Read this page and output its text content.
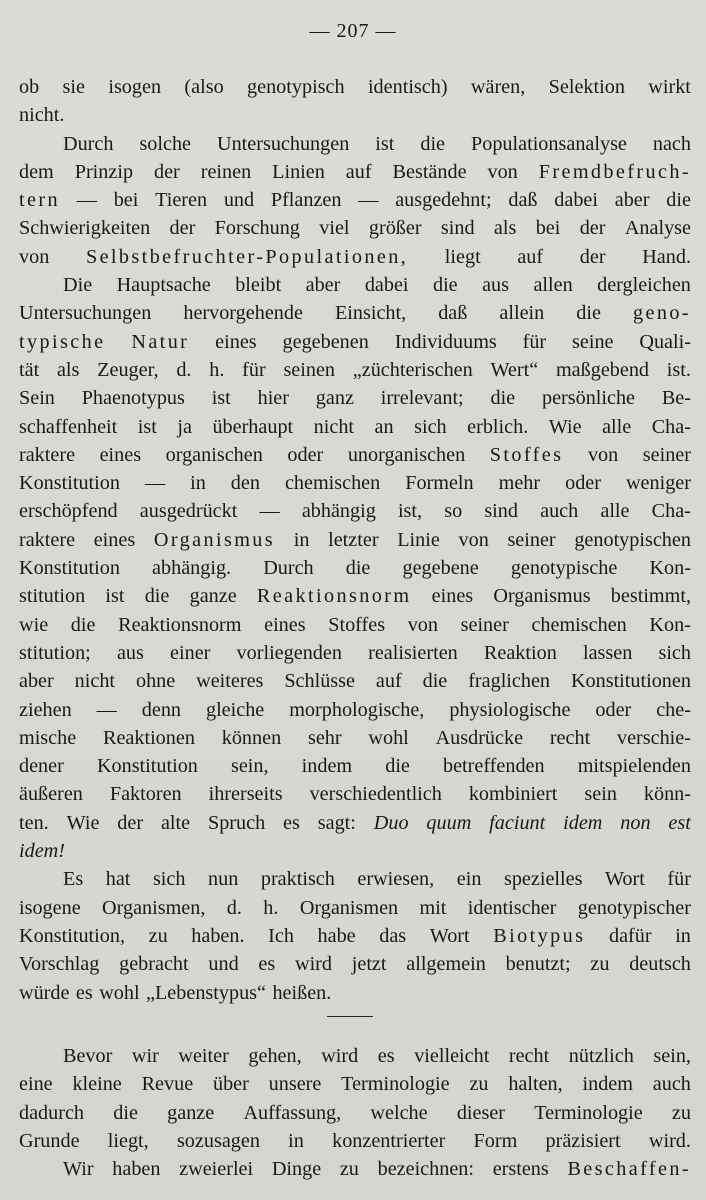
— 207 —
ob sie isogen (also genotypisch identisch) wären, Selektion wirkt
nicht.
Durch solche Untersuchungen ist die Populationsanalyse nach
dem Prinzip der reinen Linien auf Bestände von Fremdbefruch-
tern — bei Tieren und Pflanzen — ausgedehnt; daß dabei aber die
Schwierigkeiten der Forschung viel größer sind als bei der Analyse
von Selbstbefruchter-Populationen, liegt auf der Hand.
Die Hauptsache bleibt aber dabei die aus allen dergleichen
Untersuchungen hervorgehende Einsicht, daß allein die geno-
typische Natur eines gegebenen Individuums für seine Quali-
tät als Zeuger, d. h. für seinen „züchterischen Wert“ maßgebend ist.
Sein Phaenotypus ist hier ganz irrelevant; die persönliche Be-
schaffenheit ist ja überhaupt nicht an sich erblich. Wie alle Cha-
raktere eines organischen oder unorganischen Stoffes von seiner
Konstitution — in den chemischen Formeln mehr oder weniger
erschöpfend ausgedrückt — abhängig ist, so sind auch alle Cha-
raktere eines Organismus in letzter Linie von seiner genotypischen
Konstitution abhängig. Durch die gegebene genotypische Kon-
stitution ist die ganze Reaktionsnorm eines Organismus bestimmt,
wie die Reaktionsnorm eines Stoffes von seiner chemischen Kon-
stitution; aus einer vorliegenden realisierten Reaktion lassen sich
aber nicht ohne weiteres Schlüsse auf die fraglichen Konstitutionen
ziehen — denn gleiche morphologische, physiologische oder che-
mische Reaktionen können sehr wohl Ausdrücke recht verschie-
dener Konstitution sein, indem die betreffenden mitspielenden
äußeren Faktoren ihrerseits verschiedentlich kombiniert sein könn-
ten. Wie der alte Spruch es sagt: Duo quum faciunt idem non est
idem!
Es hat sich nun praktisch erwiesen, ein spezielles Wort für
isogene Organismen, d. h. Organismen mit identischer genotypischer
Konstitution, zu haben. Ich habe das Wort Biotypus dafür in
Vorschlag gebracht und es wird jetzt allgemein benutzt; zu deutsch
würde es wohl „Lebenstypus“ heißen.
Bevor wir weiter gehen, wird es vielleicht recht nützlich sein,
eine kleine Revue über unsere Terminologie zu halten, indem auch
dadurch die ganze Auffassung, welche dieser Terminologie zu
Grunde liegt, sozusagen in konzentrierter Form präzisiert wird.
Wir haben zweierlei Dinge zu bezeichnen: erstens Beschaffen-
